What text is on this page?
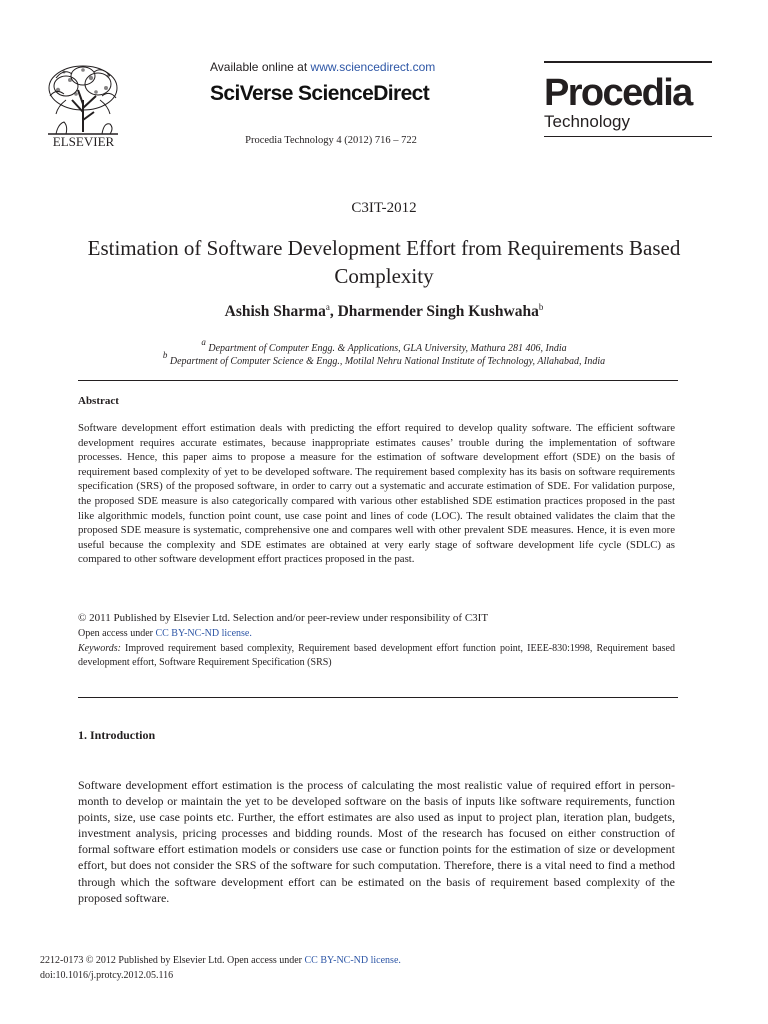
ELSEVIER
Available online at www.sciencedirect.com
SciVerse ScienceDirect
Procedia Technology 4 (2012) 716 – 722
Procedia
Technology
C3IT-2012
Estimation of Software Development Effort from Requirements Based Complexity
Ashish Sharma$^a$, Dharmender Singh Kushwaha$^b$
$^a$ Department of Computer Engg. & Applications, GLA University, Mathura 281 406, India
$^b$ Department of Computer Science & Engg., Motilal Nehru National Institute of Technology, Allahabad, India
Abstract
Software development effort estimation deals with predicting the effort required to develop quality software. The efficient software development requires accurate estimates, because inappropriate estimates causes’ trouble during the implementation of software processes. Hence, this paper aims to propose a measure for the estimation of software development effort (SDE) on the basis of requirement based complexity of yet to be developed software. The requirement based complexity has its basis on software requirements specification (SRS) of the proposed software, in order to carry out a systematic and accurate estimation of SDE. For validation purpose, the proposed SDE measure is also categorically compared with various other established SDE estimation practices proposed in the past like algorithmic models, function point count, use case point and lines of code (LOC). The result obtained validates the claim that the proposed SDE measure is systematic, comprehensive one and compares well with other prevalent SDE measures. Hence, it is even more useful because the complexity and SDE estimates are obtained at very early stage of software development life cycle (SDLC) as compared to other software development effort practices proposed in the past.
© 2011 Published by Elsevier Ltd. Selection and/or peer-review under responsibility of C3IT
Open access under CC BY-NC-ND license.
Keywords: Improved requirement based complexity, Requirement based development effort function point, IEEE-830:1998, Requirement based development effort, Software Requirement Specification (SRS)
1. Introduction
Software development effort estimation is the process of calculating the most realistic value of required effort in person-month to develop or maintain the yet to be developed software on the basis of inputs like software requirements, function points, size, use case points etc. Further, the effort estimates are also used as input to project plan, iteration plan, budgets, investment analysis, pricing processes and bidding rounds. Most of the research has focused on either construction of formal software effort estimation models or considers use case or function points for the estimation of size or development effort, but does not consider the SRS of the software for such computation. Therefore, there is a vital need to find a method through which the software development effort can be estimated on the basis of requirement based complexity of the proposed software.
2212-0173 © 2012 Published by Elsevier Ltd. Open access under CC BY-NC-ND license.
doi:10.1016/j.protcy.2012.05.116
